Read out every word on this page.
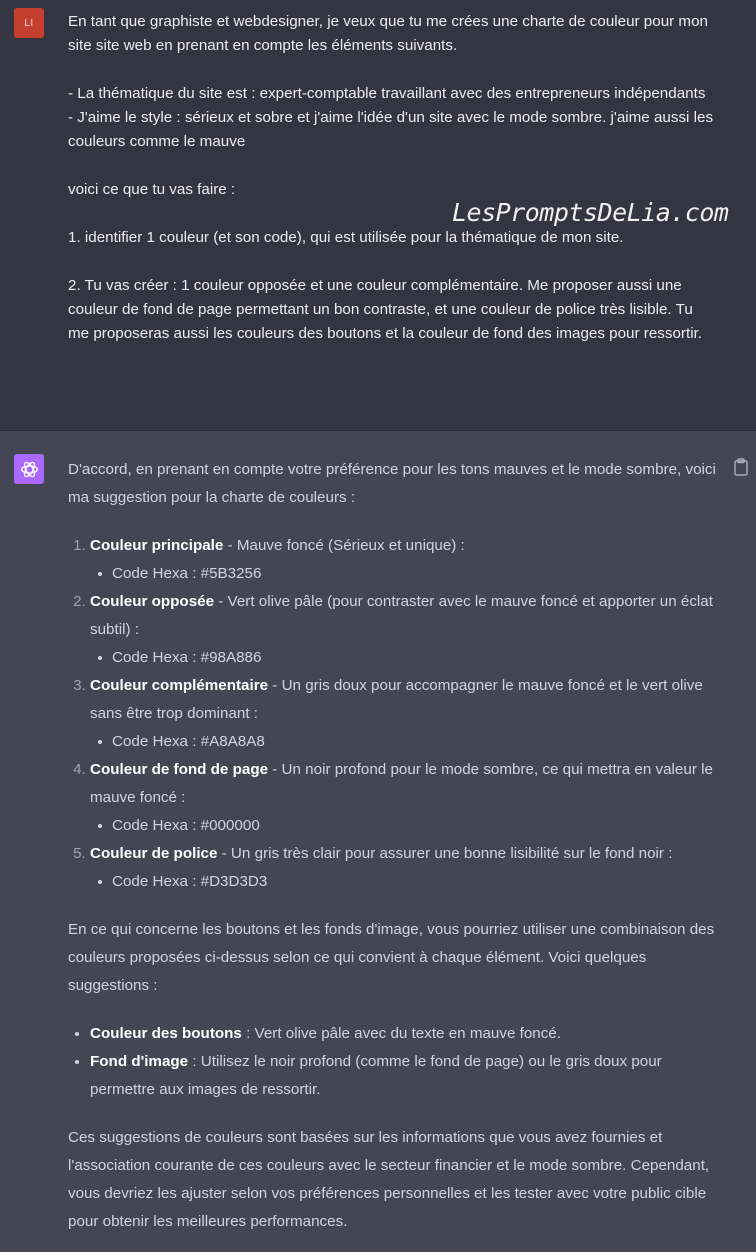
LI En tant que graphiste et webdesigner, je veux que tu me crées une charte de couleur pour mon site site web en prenant en compte les éléments suivants.

- La thématique du site est : expert-comptable travaillant avec des entrepreneurs indépendants
- J'aime le style : sérieux et sobre et j'aime l'idée d'un site avec le mode sombre. j'aime aussi les couleurs comme le mauve

voici ce que tu vas faire :

1. identifier 1 couleur (et son code), qui est utilisée pour la thématique de mon site.

2. Tu vas créer : 1 couleur opposée et une couleur complémentaire. Me proposer aussi une couleur de fond de page permettant un bon contraste, et une couleur de police très lisible. Tu me proposeras aussi les couleurs des boutons et la couleur de fond des images pour ressortir.

LesPromptsDeLia.com

D'accord, en prenant en compte votre préférence pour les tons mauves et le mode sombre, voici ma suggestion pour la charte de couleurs :

1. Couleur principale - Mauve foncé (Sérieux et unique) :
Code Hexa : #5B3256
2. Couleur opposée - Vert olive pâle (pour contraster avec le mauve foncé et apporter un éclat subtil) :
Code Hexa : #98A886
3. Couleur complémentaire - Un gris doux pour accompagner le mauve foncé et le vert olive sans être trop dominant :
Code Hexa : #A8A8A8
4. Couleur de fond de page - Un noir profond pour le mode sombre, ce qui mettra en valeur le mauve foncé :
Code Hexa : #000000
5. Couleur de police - Un gris très clair pour assurer une bonne lisibilité sur le fond noir :
Code Hexa : #D3D3D3

En ce qui concerne les boutons et les fonds d'image, vous pourriez utiliser une combinaison des couleurs proposées ci-dessus selon ce qui convient à chaque élément. Voici quelques suggestions :

Couleur des boutons : Vert olive pâle avec du texte en mauve foncé.
Fond d'image : Utilisez le noir profond (comme le fond de page) ou le gris doux pour permettre aux images de ressortir.

Ces suggestions de couleurs sont basées sur les informations que vous avez fournies et l'association courante de ces couleurs avec le secteur financier et le mode sombre. Cependant, vous devriez les ajuster selon vos préférences personnelles et les tester avec votre public cible pour obtenir les meilleures performances.
